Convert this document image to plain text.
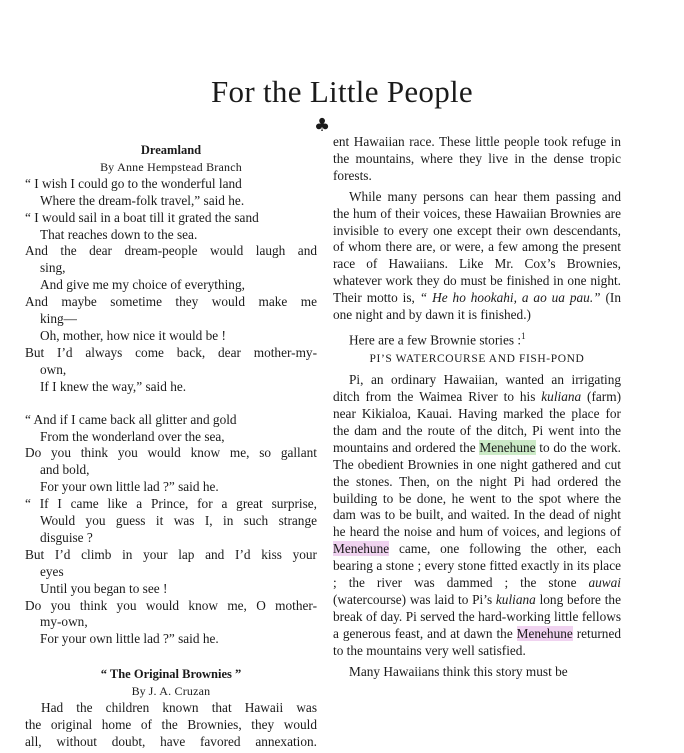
For the Little People
♣
Dreamland
By Anne Hempstead Branch
“ I wish I could go to the wonderful land
Where the dream-folk travel,” said he.
“ I would sail in a boat till it grated the sand
That reaches down to the sea.
And the dear dream-people would laugh and
sing,
And give me my choice of everything,
And maybe sometime they would make me
king—
Oh, mother, how nice it would be !
But I’d always come back, dear mother-my-
own,
If I knew the way,” said he.
“ And if I came back all glitter and gold
From the wonderland over the sea,
Do you think you would know me, so gallant
and bold,
For your own little lad ?” said he.
“ If I came like a Prince, for a great surprise,
Would you guess it was I, in such strange
disguise ?
But I’d climb in your lap and I’d kiss your
eyes
Until you began to see !
Do you think you would know me, O mother-
my-own,
For your own little lad ?” said he.
“ The Original Brownies ”
By J. A. Cruzan
Had the children known that Hawaii was
the original home of the Brownies, they would
all, without doubt, have favored annexation.

ent Hawaiian race. These little people took refuge in the mountains, where they live in the dense tropic forests.

While many persons can hear them passing and the hum of their voices, these Hawaiian Brownies are invisible to every one except their own descendants, of whom there are, or were, a few among the present race of Hawaiians. Like Mr. Cox’s Brownies, whatever work they do must be finished in one night. Their motto is, “ He ho hookahi, a ao ua pau.” (In one night and by dawn it is finished.)

Here are a few Brownie stories :$^1$

PI’S WATERCOURSE AND FISH-POND

Pi, an ordinary Hawaiian, wanted an irrigating ditch from the Waimea River to his kuliana (farm) near Kikialoa, Kauai. Having marked the place for the dam and the route of the ditch, Pi went into the mountains and ordered the Menehune to do the work. The obedient Brownies in one night gathered and cut the stones. Then, on the night Pi had ordered the building to be done, he went to the spot where the dam was to be built, and waited. In the dead of night he heard the noise and hum of voices, and legions of Menehune came, one following the other, each bearing a stone ; every stone fitted exactly in its place ; the river was dammed ; the stone auwai (watercourse) was laid to Pi’s kuliana long before the break of day. Pi served the hard-working little fellows a generous feast, and at dawn the Menehune returned to the mountains very well satisfied.

Many Hawaiians think this story must be
